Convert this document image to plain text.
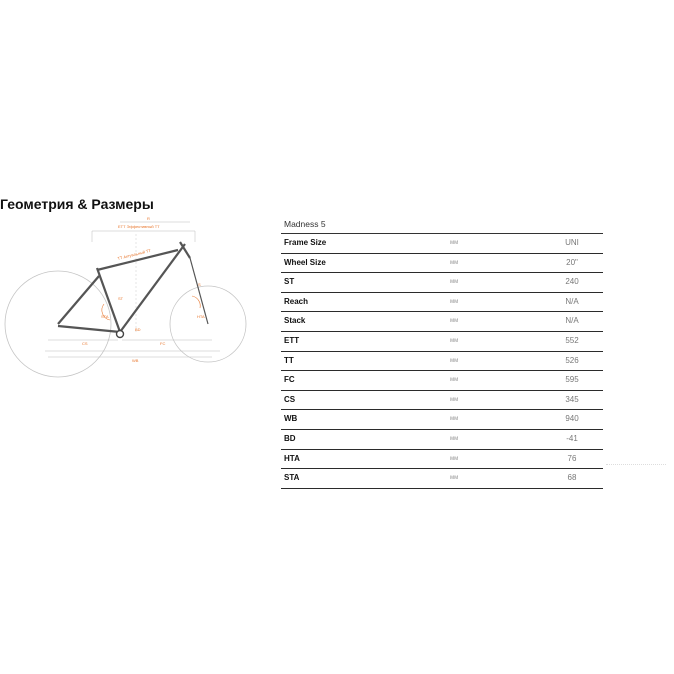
Геометрия & Размеры
ETT Эффективный TT
TT Актуальный TT
R
S
ST
HTA
STA
BD
CS	FC
WB
Madness 5
Frame Size	мм	UNI
Wheel Size	мм	20"
ST	мм	240
Reach	мм	N/A
Stack	мм	N/A
ETT	мм	552
TT	мм	526
FC	мм	595
CS	мм	345
WB	мм	940
BD	мм	-41
HTA	мм	76
STA	мм	68
